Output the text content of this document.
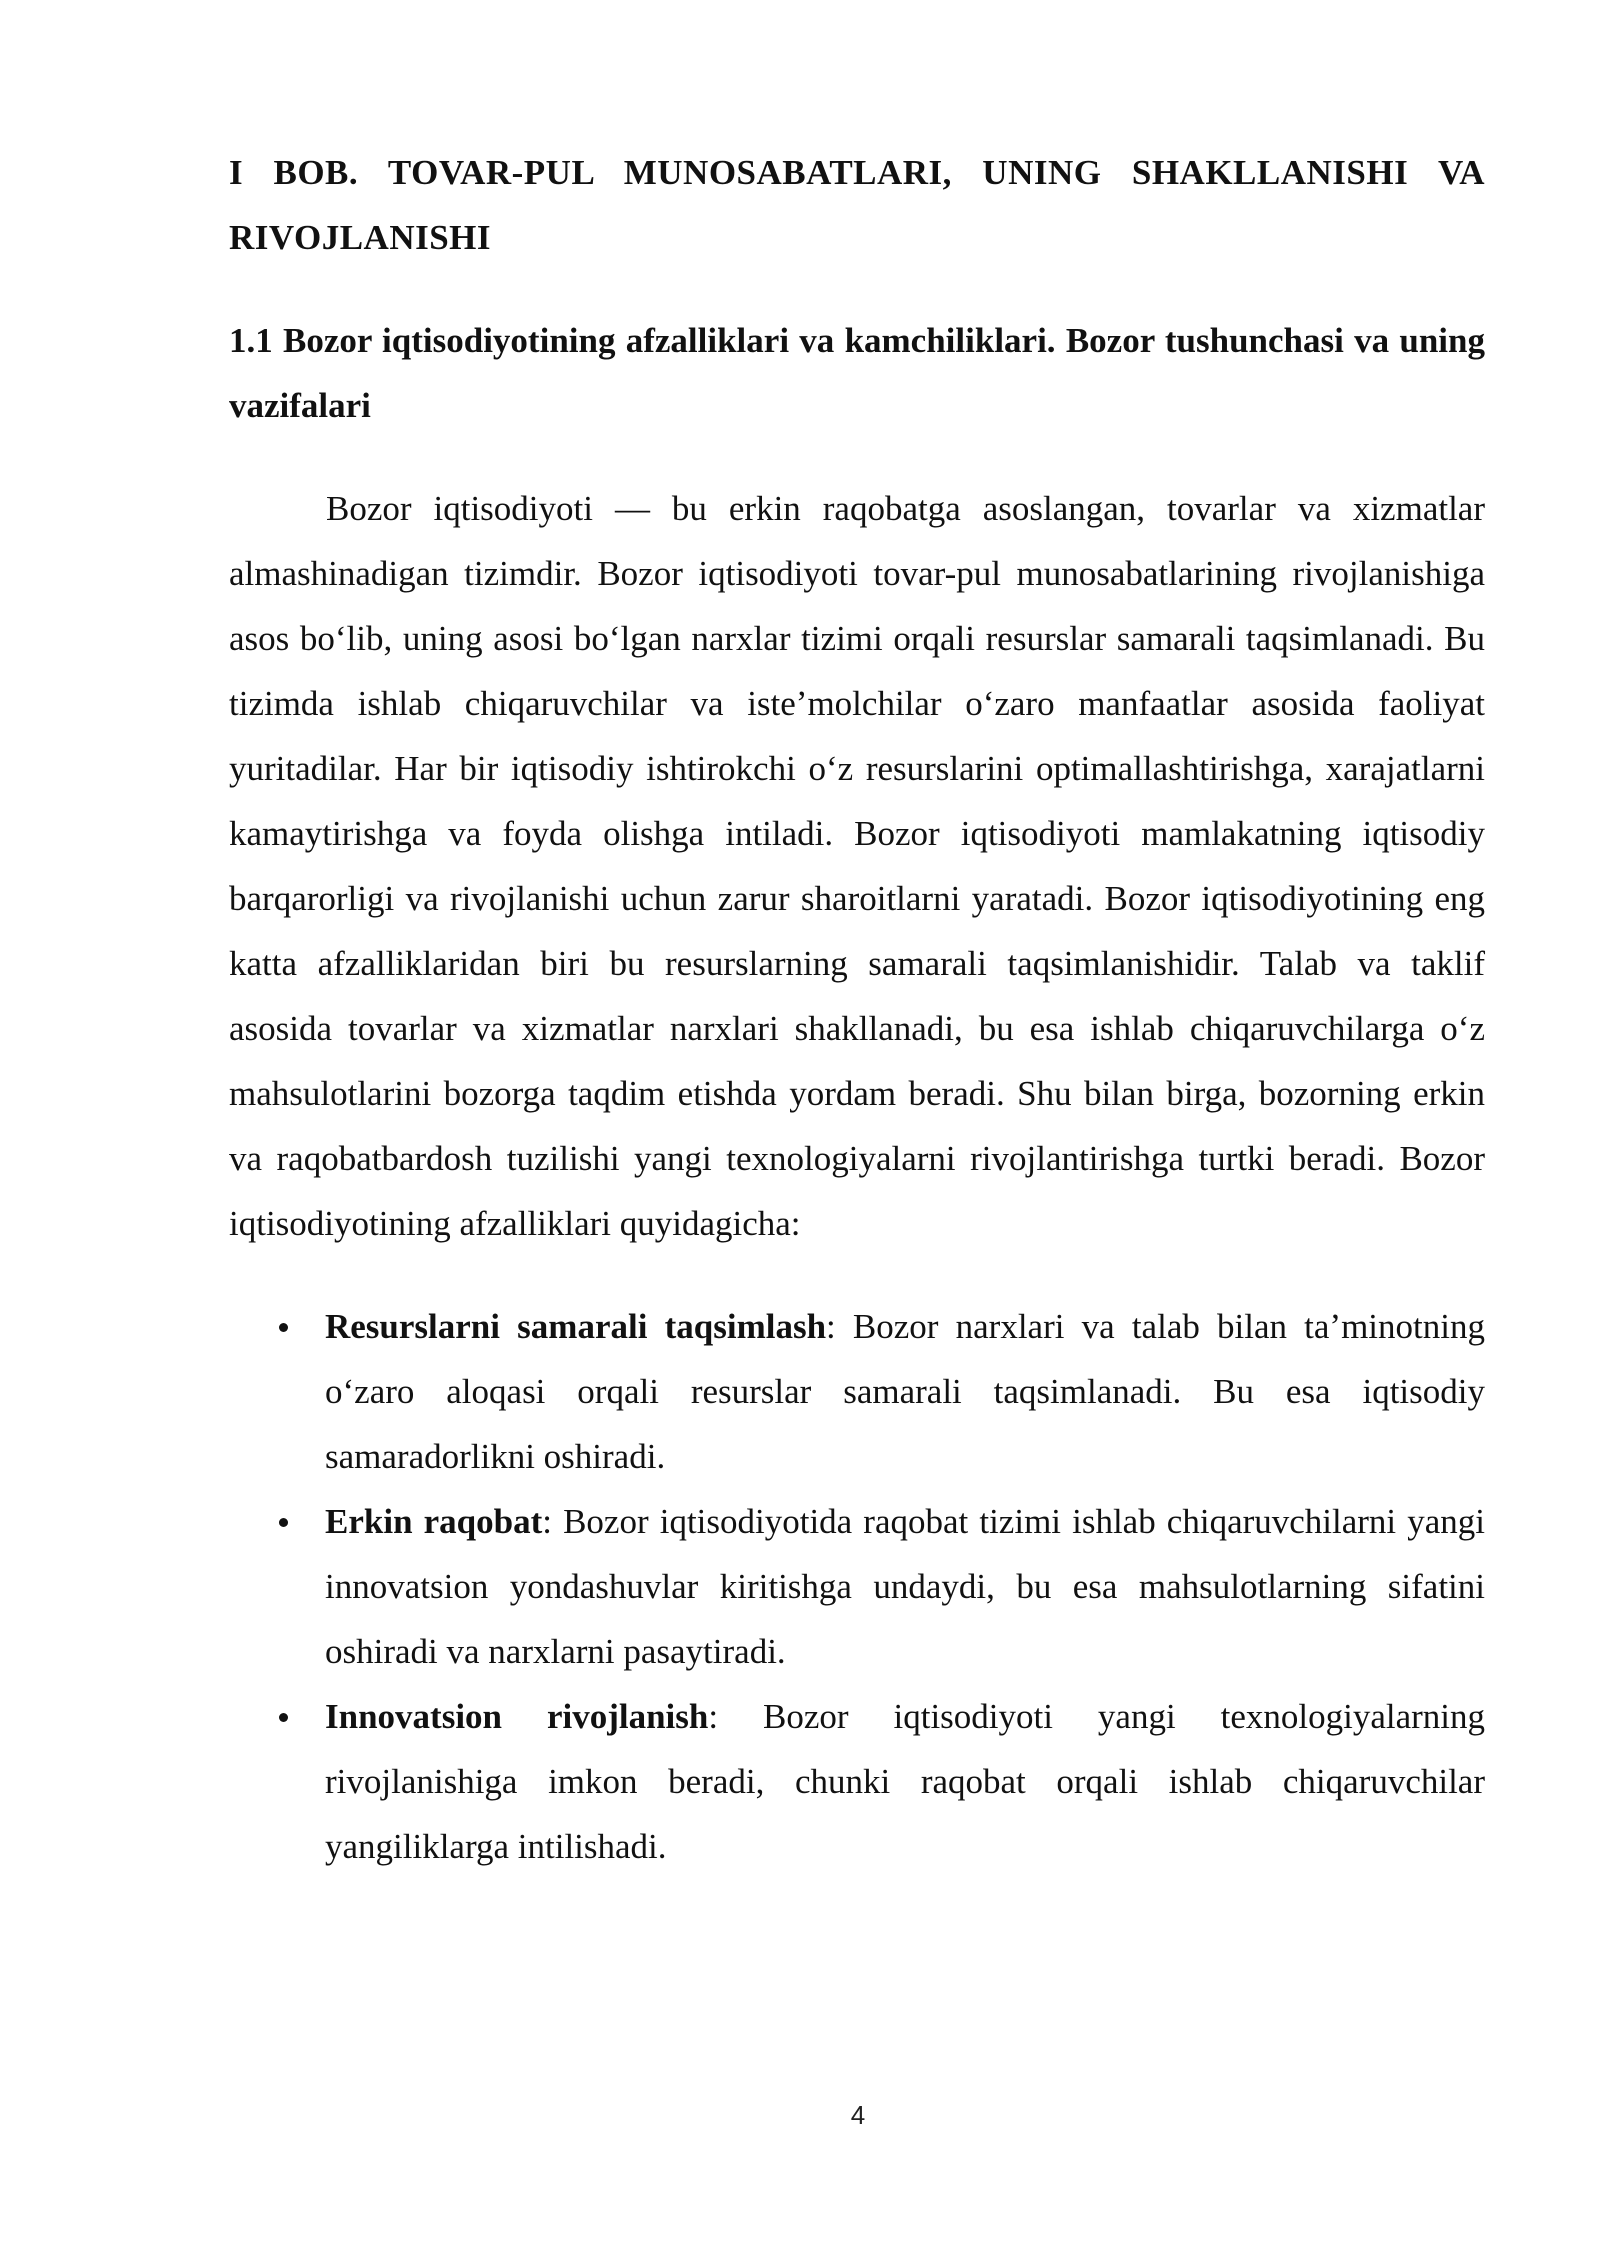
I BOB. TOVAR-PUL MUNOSABATLARI, UNING SHAKLLANISHI VA RIVOJLANISHI
1.1 Bozor iqtisodiyotining afzalliklari va kamchiliklari. Bozor tushunchasi va uning vazifalari

Bozor iqtisodiyoti — bu erkin raqobatga asoslangan, tovarlar va xizmatlar almashinadigan tizimdir. Bozor iqtisodiyoti tovar-pul munosabatlarining rivojlanishiga asos boʻlib, uning asosi boʻlgan narxlar tizimi orqali resurslar samarali taqsimlanadi. Bu tizimda ishlab chiqaruvchilar va isteʼmolchilar oʻzaro manfaatlar asosida faoliyat yuritadilar. Har bir iqtisodiy ishtirokchi oʻz resurslarini optimallashtirishga, xarajatlarni kamaytirishga va foyda olishga intiladi. Bozor iqtisodiyoti mamlakatning iqtisodiy barqarorligi va rivojlanishi uchun zarur sharoitlarni yaratadi. Bozor iqtisodiyotining eng katta afzalliklaridan biri bu resurslarning samarali taqsimlanishidir. Talab va taklif asosida tovarlar va xizmatlar narxlari shakllanadi, bu esa ishlab chiqaruvchilarga oʻz mahsulotlarini bozorga taqdim etishda yordam beradi. Shu bilan birga, bozorning erkin va raqobatbardosh tuzilishi yangi texnologiyalarni rivojlantirishga turtki beradi. Bozor iqtisodiyotining afzalliklari quyidagicha:

Resurslarni samarali taqsimlash: Bozor narxlari va talab bilan taʼminotning oʻzaro aloqasi orqali resurslar samarali taqsimlanadi. Bu esa iqtisodiy samaradorlikni oshiradi.
Erkin raqobat: Bozor iqtisodiyotida raqobat tizimi ishlab chiqaruvchilarni yangi innovatsion yondashuvlar kiritishga undaydi, bu esa mahsulotlarning sifatini oshiradi va narxlarni pasaytiradi.
Innovatsion rivojlanish: Bozor iqtisodiyoti yangi texnologiyalarning rivojlanishiga imkon beradi, chunki raqobat orqali ishlab chiqaruvchilar yangiliklarga intilishadi.
4
